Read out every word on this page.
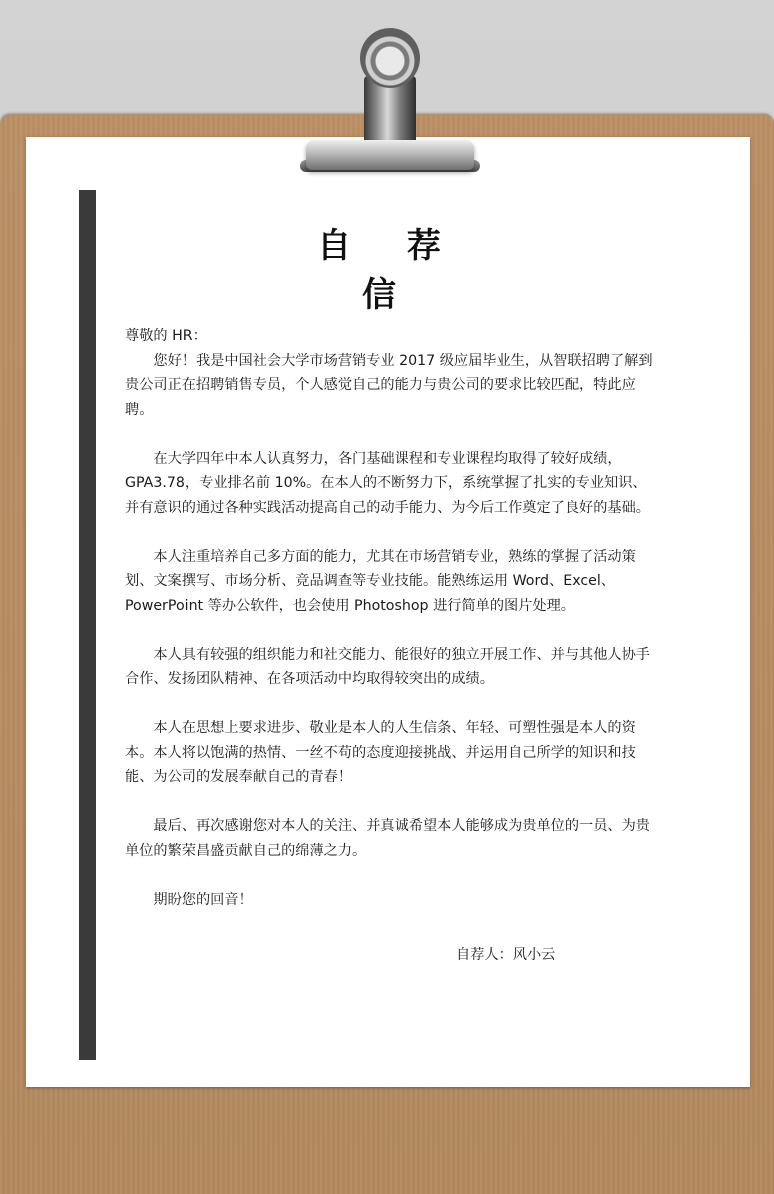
自 荐 信

尊敬的 HR：

您好！我是中国社会大学市场营销专业 2017 级应届毕业生，从智联招聘了解到贵公司正在招聘销售专员，个人感觉自己的能力与贵公司的要求比较匹配，特此应聘。

在大学四年中本人认真努力，各门基础课程和专业课程均取得了较好成绩，GPA3.78，专业排名前 10%。在本人的不断努力下，系统掌握了扎实的专业知识、并有意识的通过各种实践活动提高自己的动手能力、为今后工作奠定了良好的基础。

本人注重培养自己多方面的能力，尤其在市场营销专业，熟练的掌握了活动策划、文案撰写、市场分析、竞品调查等专业技能。能熟练运用 Word、Excel、PowerPoint 等办公软件，也会使用 Photoshop 进行简单的图片处理。

本人具有较强的组织能力和社交能力、能很好的独立开展工作、并与其他人协手合作、发扬团队精神、在各项活动中均取得较突出的成绩。

本人在思想上要求进步、敬业是本人的人生信条、年轻、可塑性强是本人的资本。本人将以饱满的热情、一丝不苟的态度迎接挑战、并运用自己所学的知识和技能、为公司的发展奉献自己的青春！

最后、再次感谢您对本人的关注、并真诚希望本人能够成为贵单位的一员、为贵单位的繁荣昌盛贡献自己的绵薄之力。

期盼您的回音！

自荐人：风小云
